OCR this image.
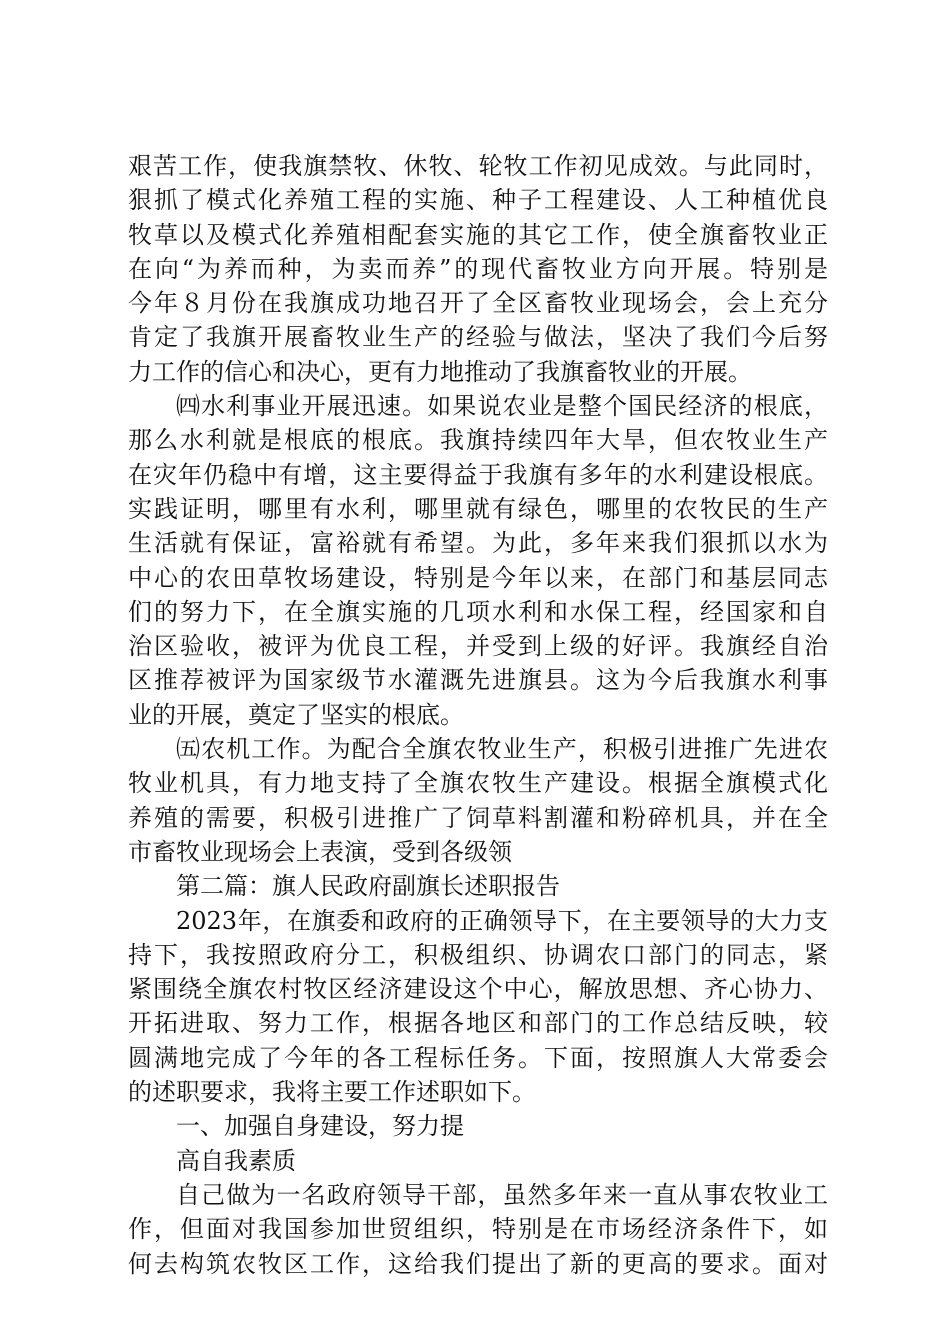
艰苦工作，使我旗禁牧、休牧、轮牧工作初见成效。与此同时，
狠抓了模式化养殖工程的实施、种子工程建设、人工种植优良
牧草以及模式化养殖相配套实施的其它工作，使全旗畜牧业正
在向“为养而种，为卖而养”的现代畜牧业方向开展。特别是
今年８月份在我旗成功地召开了全区畜牧业现场会，会上充分
肯定了我旗开展畜牧业生产的经验与做法，坚决了我们今后努
力工作的信心和决心，更有力地推动了我旗畜牧业的开展。
㈣水利事业开展迅速。如果说农业是整个国民经济的根底，
那么水利就是根底的根底。我旗持续四年大旱，但农牧业生产
在灾年仍稳中有增，这主要得益于我旗有多年的水利建设根底。
实践证明，哪里有水利，哪里就有绿色，哪里的农牧民的生产
生活就有保证，富裕就有希望。为此，多年来我们狠抓以水为
中心的农田草牧场建设，特别是今年以来，在部门和基层同志
们的努力下，在全旗实施的几项水利和水保工程，经国家和自
治区验收，被评为优良工程，并受到上级的好评。我旗经自治
区推荐被评为国家级节水灌溉先进旗县。这为今后我旗水利事
业的开展，奠定了坚实的根底。
㈤农机工作。为配合全旗农牧业生产，积极引进推广先进农
牧业机具，有力地支持了全旗农牧生产建设。根据全旗模式化
养殖的需要，积极引进推广了饲草料割灌和粉碎机具，并在全
市畜牧业现场会上表演，受到各级领
第二篇：旗人民政府副旗长述职报告
2023年，在旗委和政府的正确领导下，在主要领导的大力支
持下，我按照政府分工，积极组织、协调农口部门的同志，紧
紧围绕全旗农村牧区经济建设这个中心，解放思想、齐心协力、
开拓进取、努力工作，根据各地区和部门的工作总结反映，较
圆满地完成了今年的各工程标任务。下面，按照旗人大常委会
的述职要求，我将主要工作述职如下。
一、加强自身建设，努力提
高自我素质
自己做为一名政府领导干部，虽然多年来一直从事农牧业工
作，但面对我国参加世贸组织，特别是在市场经济条件下，如
何去构筑农牧区工作，这给我们提出了新的更高的要求。面对
